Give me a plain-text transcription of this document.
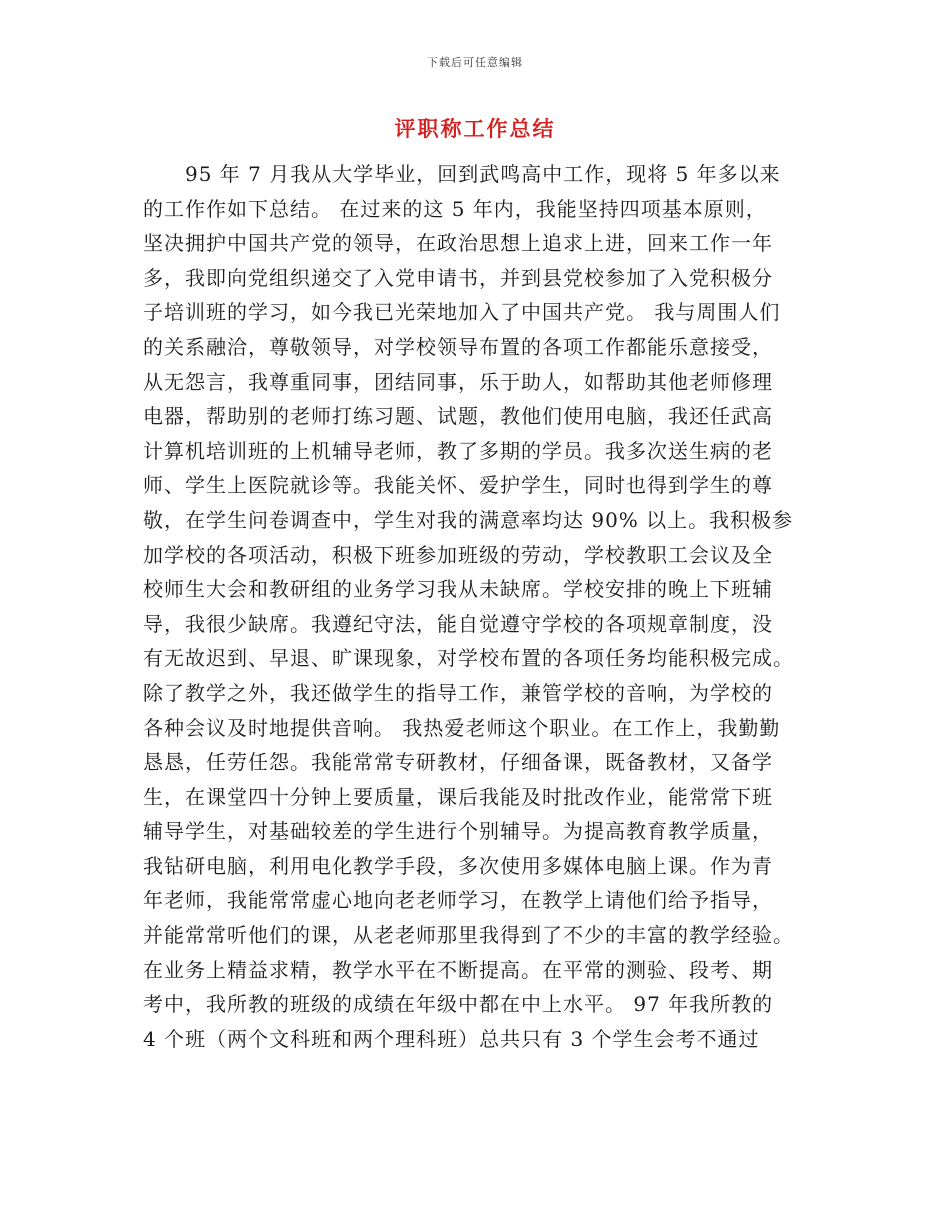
下载后可任意编辑
评职称工作总结
95 年 7 月我从大学毕业，回到武鸣高中工作，现将 5 年多以来
的工作作如下总结。 在过来的这 5 年内，我能坚持四项基本原则，
坚决拥护中国共产党的领导，在政治思想上追求上进，回来工作一年
多，我即向党组织递交了入党申请书，并到县党校参加了入党积极分
子培训班的学习，如今我已光荣地加入了中国共产党。 我与周围人们
的关系融洽，尊敬领导，对学校领导布置的各项工作都能乐意接受，
从无怨言，我尊重同事，团结同事，乐于助人，如帮助其他老师修理
电器，帮助别的老师打练习题、试题，教他们使用电脑，我还任武高
计算机培训班的上机辅导老师，教了多期的学员。我多次送生病的老
师、学生上医院就诊等。我能关怀、爱护学生，同时也得到学生的尊
敬，在学生问卷调查中，学生对我的满意率均达 90% 以上。我积极参
加学校的各项活动，积极下班参加班级的劳动，学校教职工会议及全
校师生大会和教研组的业务学习我从未缺席。学校安排的晚上下班辅
导，我很少缺席。我遵纪守法，能自觉遵守学校的各项规章制度，没
有无故迟到、早退、旷课现象，对学校布置的各项任务均能积极完成。
除了教学之外，我还做学生的指导工作，兼管学校的音响，为学校的
各种会议及时地提供音响。 我热爱老师这个职业。在工作上，我勤勤
恳恳，任劳任怨。我能常常专研教材，仔细备课，既备教材，又备学
生，在课堂四十分钟上要质量，课后我能及时批改作业，能常常下班
辅导学生，对基础较差的学生进行个别辅导。为提高教育教学质量，
我钻研电脑，利用电化教学手段，多次使用多媒体电脑上课。作为青
年老师，我能常常虚心地向老老师学习，在教学上请他们给予指导，
并能常常听他们的课，从老老师那里我得到了不少的丰富的教学经验。
在业务上精益求精，教学水平在不断提高。在平常的测验、段考、期
考中，我所教的班级的成绩在年级中都在中上水平。 97 年我所教的
4 个班（两个文科班和两个理科班）总共只有 3 个学生会考不通过
